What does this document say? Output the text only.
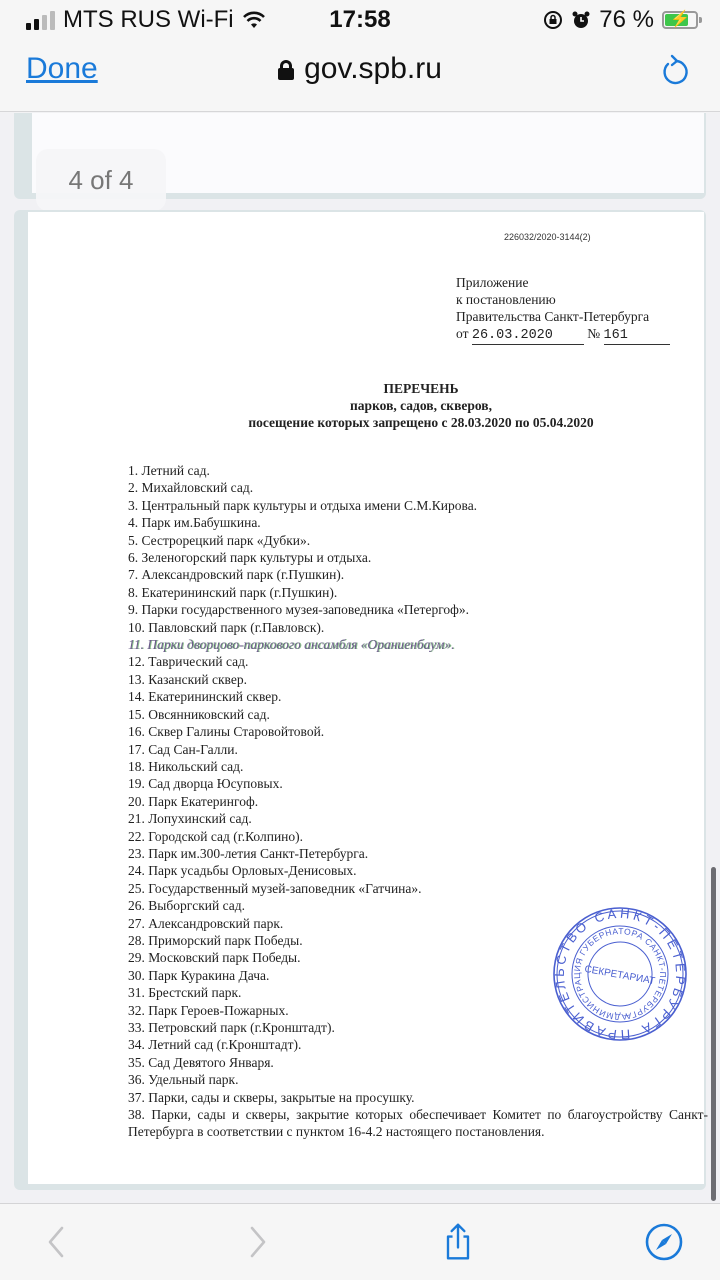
MTS RUS Wi-Fi	17:58	76 %	⚡
Done	gov.spb.ru
4 of 4
226032/2020-3144(2)
Приложение
к постановлению
Правительства Санкт-Петербурга
от 26.03.2020	№ 161
ПЕРЕЧЕНЬ
парков, садов, скверов,
посещение которых запрещено с 28.03.2020 по 05.04.2020
1. Летний сад.
2. Михайловский сад.
3. Центральный парк культуры и отдыха имени С.М.Кирова.
4. Парк им.Бабушкина.
5. Сестрорецкий парк «Дубки».
6. Зеленогорский парк культуры и отдыха.
7. Александровский парк (г.Пушкин).
8. Екатерининский парк (г.Пушкин).
9. Парки государственного музея-заповедника «Петергоф».
10. Павловский парк (г.Павловск).
11. Парки дворцово-паркового ансамбля «Ораниенбаум».
12. Таврический сад.
13. Казанский сквер.
14. Екатерининский сквер.
15. Овсянниковский сад.
16. Сквер Галины Старовойтовой.
17. Сад Сан-Галли.
18. Никольский сад.
19. Сад дворца Юсуповых.
20. Парк Екатерингоф.
21. Лопухинский сад.
22. Городской сад (г.Колпино).
23. Парк им.300-летия Санкт-Петербурга.
24. Парк усадьбы Орловых-Денисовых.
25. Государственный музей-заповедник «Гатчина».
26. Выборгский сад.
27. Александровский парк.
28. Приморский парк Победы.
29. Московский парк Победы.
30. Парк Куракина Дача.
31. Брестский парк.
32. Парк Героев-Пожарных.
33. Петровский парк (г.Кронштадт).
34. Летний сад (г.Кронштадт).
35. Сад Девятого Января.
36. Удельный парк.
37. Парки, сады и скверы, закрытые на просушку.
38. Парки, сады и скверы, закрытие которых обеспечивает Комитет по благоустройству Санкт-Петербурга в соответствии с пунктом 16-4.2 настоящего постановления.
ПРАВИТЕЛЬСТВО САНКТ-ПЕТЕРБУРГА
АДМИНИСТРАЦИЯ ГУБЕРНАТОРА САНКТ-ПЕТЕРБУРГА
СЕКРЕТАРИАТ
